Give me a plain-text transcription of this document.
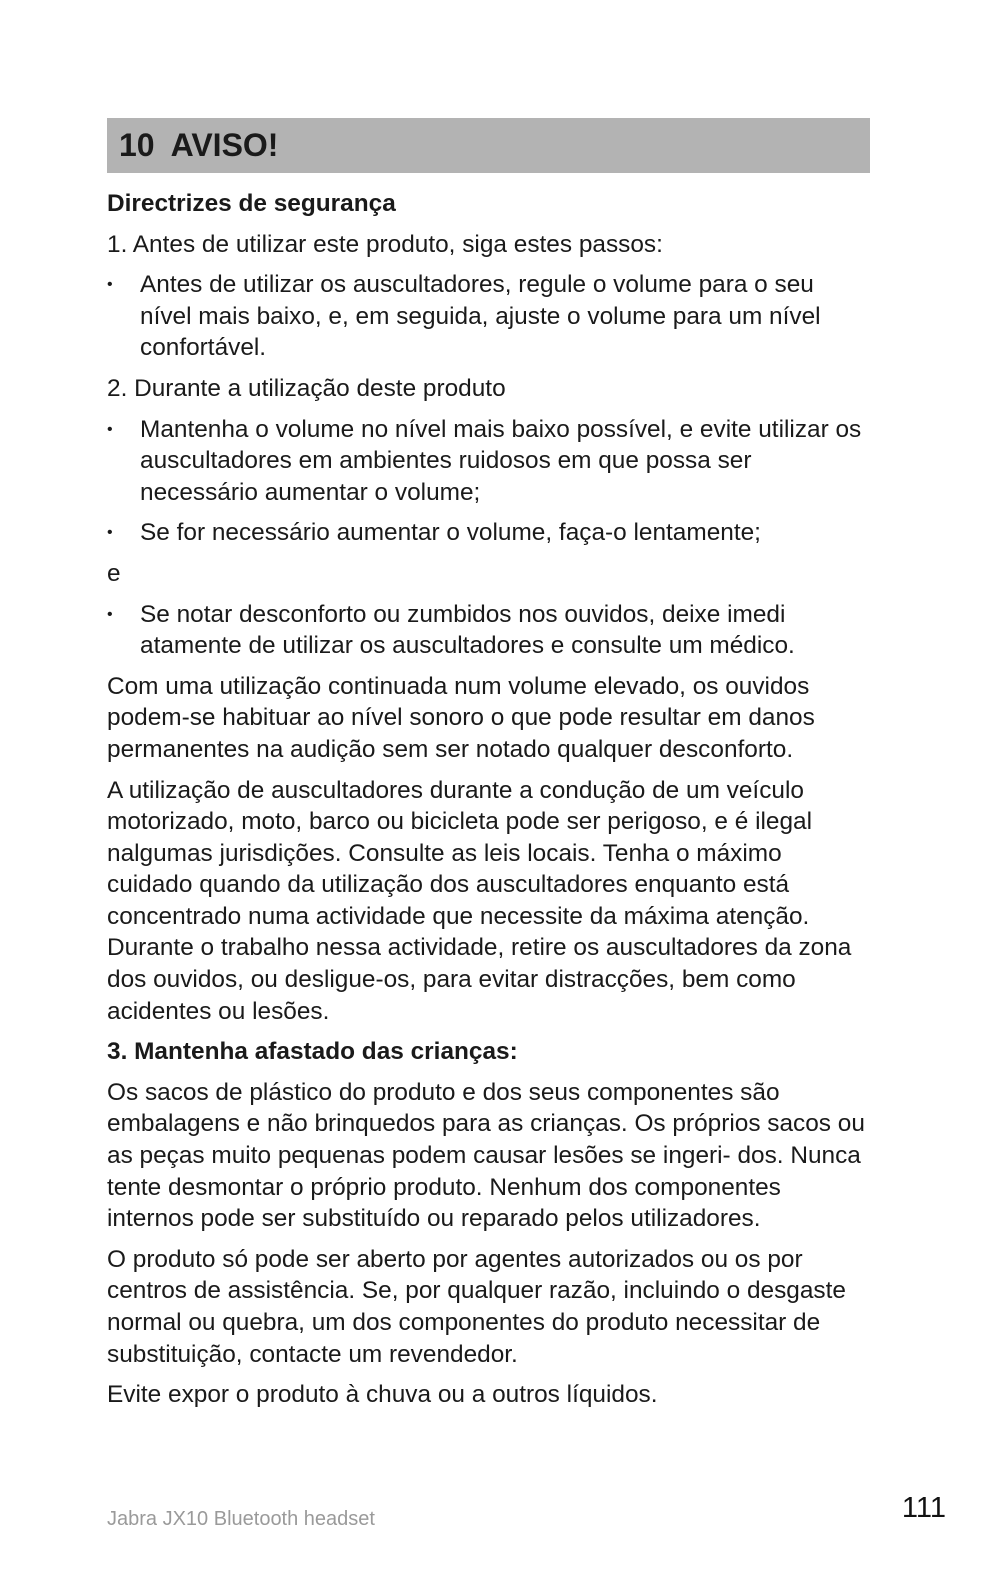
10 AVISO!
Directrizes de segurança

1. Antes de utilizar este produto, siga estes passos:

• Antes de utilizar os auscultadores, regule o volume para o seu nível mais baixo, e, em seguida, ajuste o volume para um nível confortável.

2. Durante a utilização deste produto

• Mantenha o volume no nível mais baixo possível, e evite utilizar os auscultadores em ambientes ruidosos em que possa ser necessário aumentar o volume;
• Se for necessário aumentar o volume, faça-o lentamente;

e

• Se notar desconforto ou zumbidos nos ouvidos, deixe imedi atamente de utilizar os auscultadores e consulte um médico.

Com uma utilização continuada num volume elevado, os ouvidos podem-se habituar ao nível sonoro o que pode resultar em danos permanentes na audição sem ser notado qualquer desconforto.

A utilização de auscultadores durante a condução de um veículo motorizado, moto, barco ou bicicleta pode ser perigoso, e é ilegal nalgumas jurisdições. Consulte as leis locais. Tenha o máximo cuidado quando da utilização dos auscultadores enquanto está concentrado numa actividade que necessite da máxima atenção. Durante o trabalho nessa actividade, retire os auscultadores da zona dos ouvidos, ou desligue-os, para evitar distracções, bem como acidentes ou lesões.

3. Mantenha afastado das crianças:

Os sacos de plástico do produto e dos seus componentes são embalagens e não brinquedos para as crianças. Os próprios sacos ou as peças muito pequenas podem causar lesões se ingeri- dos. Nunca tente desmontar o próprio produto. Nenhum dos componentes internos pode ser substituído ou reparado pelos utilizadores.

O produto só pode ser aberto por agentes autorizados ou os por centros de assistência. Se, por qualquer razão, incluindo o desgaste normal ou quebra, um dos componentes do produto necessitar de substituição, contacte um revendedor.

Evite expor o produto à chuva ou a outros líquidos.

Jabra JX10 Bluetooth headset	111
